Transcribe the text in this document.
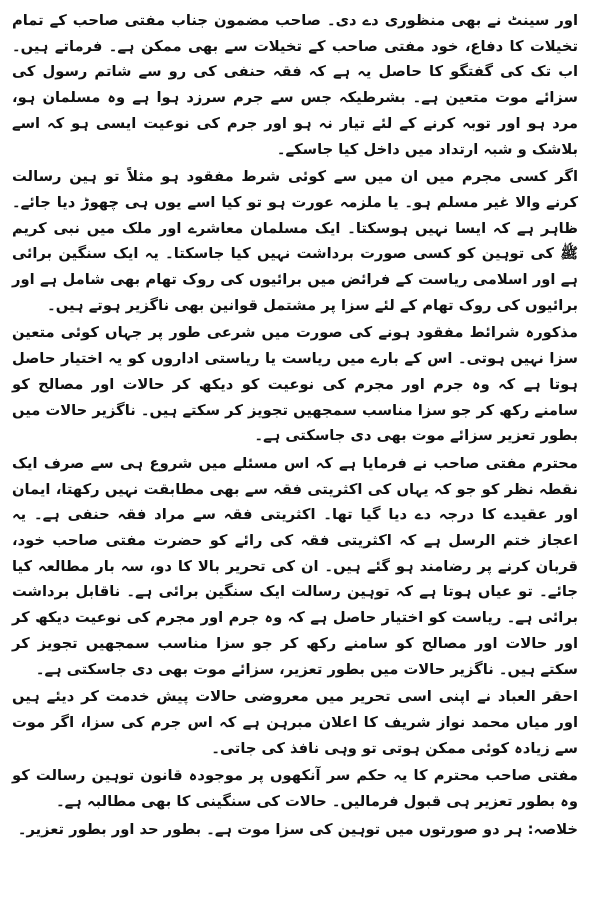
اور سینٹ نے بھی منظوری دے دی۔ صاحب مضمون جناب مفتی صاحب کے تمام تخیلات کا دفاع، خود مفتی صاحب کے تخیلات سے بھی ممکن ہے۔ فرماتے ہیں۔ اب تک کی گفتگو کا حاصل یہ ہے کہ فقہ حنفی کی رو سے شاتم رسول کی سزائے موت متعین ہے۔ بشرطیکہ جس سے جرم سرزد ہوا ہے وہ مسلمان ہو، مرد ہو اور توبہ کرنے کے لئے تیار نہ ہو اور جرم کی نوعیت ایسی ہو کہ اسے بلاشک و شبہ ارتداد میں داخل کیا جاسکے۔

اگر کسی مجرم میں ان میں سے کوئی شرط مفقود ہو مثلاً تو ہین رسالت کرنے والا غیر مسلم ہو۔ یا ملزمہ عورت ہو تو کیا اسے یوں ہی چھوڑ دیا جائے۔ ظاہر ہے کہ ایسا نہیں ہوسکتا۔ ایک مسلمان معاشرے اور ملک میں نبی کریم ﷺ کی توہین کو کسی صورت برداشت نہیں کیا جاسکتا۔ یہ ایک سنگین برائی ہے اور اسلامی ریاست کے فرائض میں برائیوں کی روک تھام بھی شامل ہے اور برائیوں کی روک تھام کے لئے سزا پر مشتمل قوانین بھی ناگزیر ہوتے ہیں۔

مذکورہ شرائط مفقود ہونے کی صورت میں شرعی طور پر جہاں کوئی متعین سزا نہیں ہوتی۔ اس کے بارے میں ریاست یا ریاستی اداروں کو یہ اختیار حاصل ہوتا ہے کہ وہ جرم اور مجرم کی نوعیت کو دیکھ کر حالات اور مصالح کو سامنے رکھ کر جو سزا مناسب سمجھیں تجویز کر سکتے ہیں۔ ناگزیر حالات میں بطور تعزیر سزائے موت بھی دی جاسکتی ہے۔

محترم مفتی صاحب نے فرمایا ہے کہ اس مسئلے میں شروع ہی سے صرف ایک نقطہ نظر کو جو کہ یہاں کی اکثریتی فقہ سے بھی مطابقت نہیں رکھتا، ایمان اور عقیدے کا درجہ دے دیا گیا تھا۔ اکثریتی فقہ سے مراد فقہ حنفی ہے۔ یہ اعجاز ختم الرسل ہے کہ اکثریتی فقہ کی رائے کو حضرت مفتی صاحب خود، قربان کرنے پر رضامند ہو گئے ہیں۔ ان کی تحریر بالا کا دو، سہ بار مطالعہ کیا جائے۔ تو عیاں ہوتا ہے کہ توہین رسالت ایک سنگین برائی ہے۔ ناقابل برداشت برائی ہے۔ ریاست کو اختیار حاصل ہے کہ وہ جرم اور مجرم کی نوعیت دیکھ کر اور حالات اور مصالح کو سامنے رکھ کر جو سزا مناسب سمجھیں تجویز کر سکتے ہیں۔ ناگزیر حالات میں بطور تعزیر، سزائے موت بھی دی جاسکتی ہے۔

احقر العباد نے اپنی اسی تحریر میں معروضی حالات پیش خدمت کر دیئے ہیں اور میاں محمد نواز شریف کا اعلان مبرہن ہے کہ اس جرم کی سزا، اگر موت سے زیادہ کوئی ممکن ہوتی تو وہی نافذ کی جاتی۔

مفتی صاحب محترم کا یہ حکم سر آنکھوں پر موجودہ قانون توہین رسالت کو وہ بطور تعزیر ہی قبول فرمالیں۔ حالات کی سنگینی کا بھی مطالبہ ہے۔

خلاصہ: ہر دو صورتوں میں توہین کی سزا موت ہے۔ بطور حد اور بطور تعزیر۔
